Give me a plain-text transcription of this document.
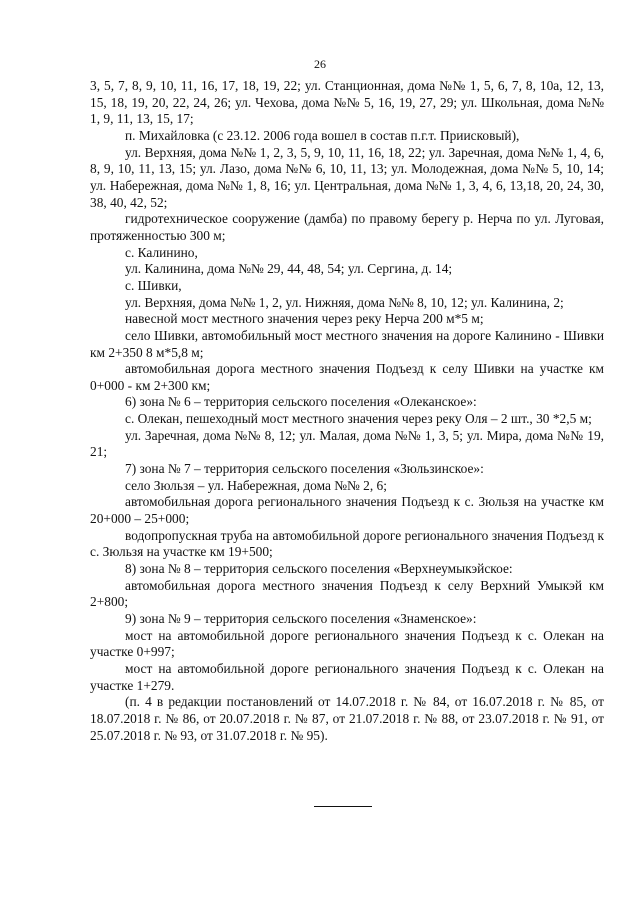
26

3, 5, 7, 8, 9, 10, 11, 16, 17, 18, 19, 22; ул. Станционная, дома №№ 1, 5, 6, 7, 8, 10а, 12, 13, 15, 18, 19, 20, 22, 24, 26; ул. Чехова, дома №№ 5, 16, 19, 27, 29; ул. Школьная, дома №№ 1, 9, 11, 13, 15, 17;

п. Михайловка (с 23.12. 2006 года вошел в состав п.г.т. Приисковый),

ул. Верхняя, дома №№ 1, 2, 3, 5, 9, 10, 11, 16, 18, 22; ул. Заречная, дома №№ 1, 4, 6, 8, 9, 10, 11, 13, 15; ул. Лазо, дома №№ 6, 10, 11, 13; ул. Молодежная, дома №№ 5, 10, 14; ул. Набережная, дома №№ 1, 8, 16; ул. Центральная, дома №№ 1, 3, 4, 6, 13,18, 20, 24, 30, 38, 40, 42, 52;

гидротехническое сооружение (дамба) по правому берегу р. Нерча по ул. Луговая, протяженностью 300 м;

с. Калинино,

ул. Калинина, дома №№ 29, 44, 48, 54; ул. Сергина, д. 14;

с. Шивки,

ул. Верхняя, дома №№ 1, 2, ул. Нижняя, дома №№ 8, 10, 12; ул. Калинина, 2;

навесной мост местного значения через реку Нерча 200 м*5 м;

село Шивки, автомобильный мост местного значения на дороге Калинино - Шивки км 2+350 8 м*5,8 м;

автомобильная дорога местного значения Подъезд к селу Шивки на участке км 0+000 - км 2+300 км;

6) зона № 6 – территория сельского поселения «Олеканское»:

с. Олекан, пешеходный мост местного значения через реку Оля – 2 шт., 30 *2,5 м;

ул. Заречная, дома №№ 8, 12; ул. Малая, дома №№ 1, 3, 5; ул. Мира, дома №№ 19, 21;

7) зона № 7 – территория сельского поселения «Зюльзинское»:

село Зюльзя – ул. Набережная, дома №№ 2, 6;

автомобильная дорога регионального значения Подъезд к с. Зюльзя на участке км 20+000 – 25+000;

водопропускная труба на автомобильной дороге регионального значения Подъезд к с. Зюльзя на участке км 19+500;

8) зона № 8 – территория сельского поселения «Верхнеумыкэйское:

автомобильная дорога местного значения Подъезд к селу Верхний Умыкэй км 2+800;

9) зона № 9 – территория сельского поселения «Знаменское»:

мост на автомобильной дороге регионального значения Подъезд к с. Олекан на участке 0+997;

мост на автомобильной дороге регионального значения Подъезд к с. Олекан на участке 1+279.

(п. 4 в редакции постановлений от 14.07.2018 г. № 84, от 16.07.2018 г. № 85, от 18.07.2018 г. № 86, от 20.07.2018 г. № 87, от 21.07.2018 г. № 88, от 23.07.2018 г. № 91, от 25.07.2018 г. № 93, от 31.07.2018 г. № 95).
